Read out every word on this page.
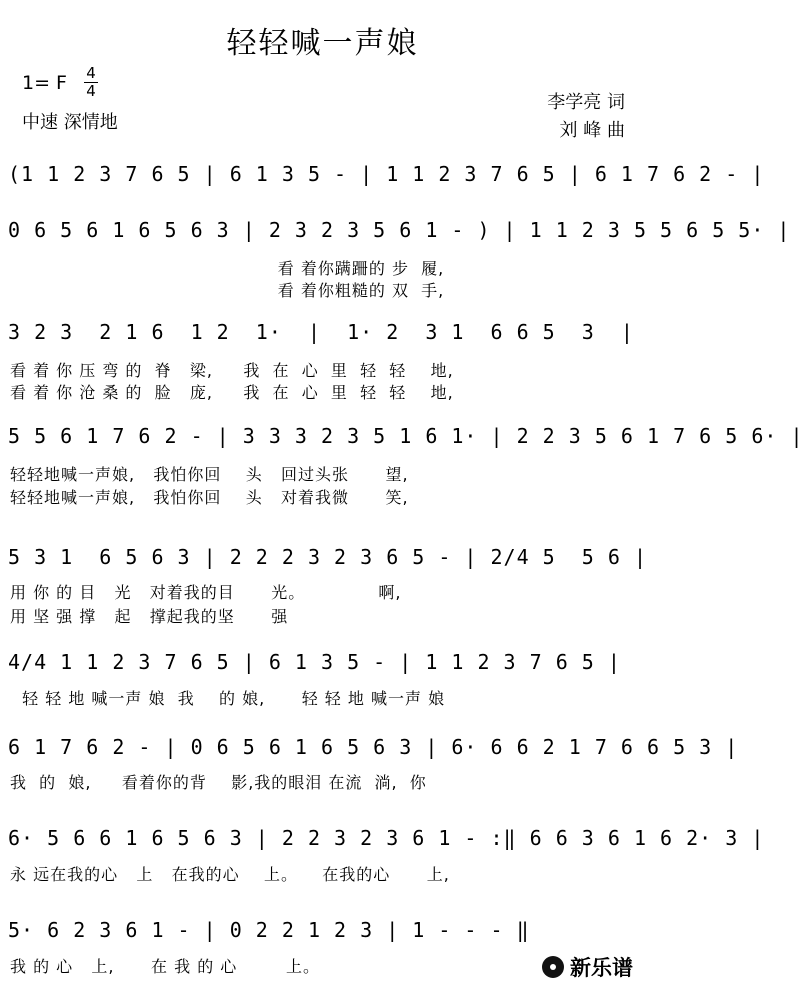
轻轻喊一声娘
1= F 4
4
中速 深情地
李学亮 词
刘 峰 曲
(1 1 2 3 7 6 5 | 6 1 3 5 - | 1 1 2 3 7 6 5 | 6 1 7 6 2 - |
0 6 5 6 1 6 5 6 3 | 2 3 2 3 5 6 1 - ) | 1 1 2 3 5 5 6 5 5· |
看 着你蹒跚的 步  履,
看 着你粗糙的 双  手,
3 2 3  2 1 6  1 2  1·  |  1· 2  3 1  6 6 5  3  |
看 着 你 压 弯 的  脊   梁,     我  在  心  里  轻  轻    地,
看 着 你 沧 桑 的  脸   庞,     我  在  心  里  轻  轻    地,
5 5 6 1 7 6 2 - | 3 3 3 2 3 5 1 6 1· | 2 2 3 5 6 1 7 6 5 6· |
轻轻地喊一声娘,   我怕你回    头   回过头张      望,
轻轻地喊一声娘,   我怕你回    头   对着我微      笑,
5 3 1  6 5 6 3 | 2 2 2 3 2 3 6 5 - | 2/4 5  5 6 |
用 你 的 目   光   对着我的目      光。            啊,
用 坚 强 撑   起   撑起我的坚      强
4/4 1 1 2 3 7 6 5 | 6 1 3 5 - | 1 1 2 3 7 6 5 |
轻 轻 地 喊一声 娘  我    的 娘,      轻 轻 地 喊一声 娘
6 1 7 6 2 - | 0 6 5 6 1 6 5 6 3 | 6· 6 6 2 1 7 6 6 5 3 |
我  的  娘,     看着你的背    影,我的眼泪 在流  淌,  你
6· 5 6 6 1 6 5 6 3 | 2 2 3 2 3 6 1 - :‖ 6 6 3 6 1 6 2· 3 |
永 远在我的心   上   在我的心    上。    在我的心      上,
5· 6 2 3 6 1 - | 0 2 2 1 2 3 | 1 - - - ‖
我 的 心   上,      在 我 的 心        上。	新乐谱
